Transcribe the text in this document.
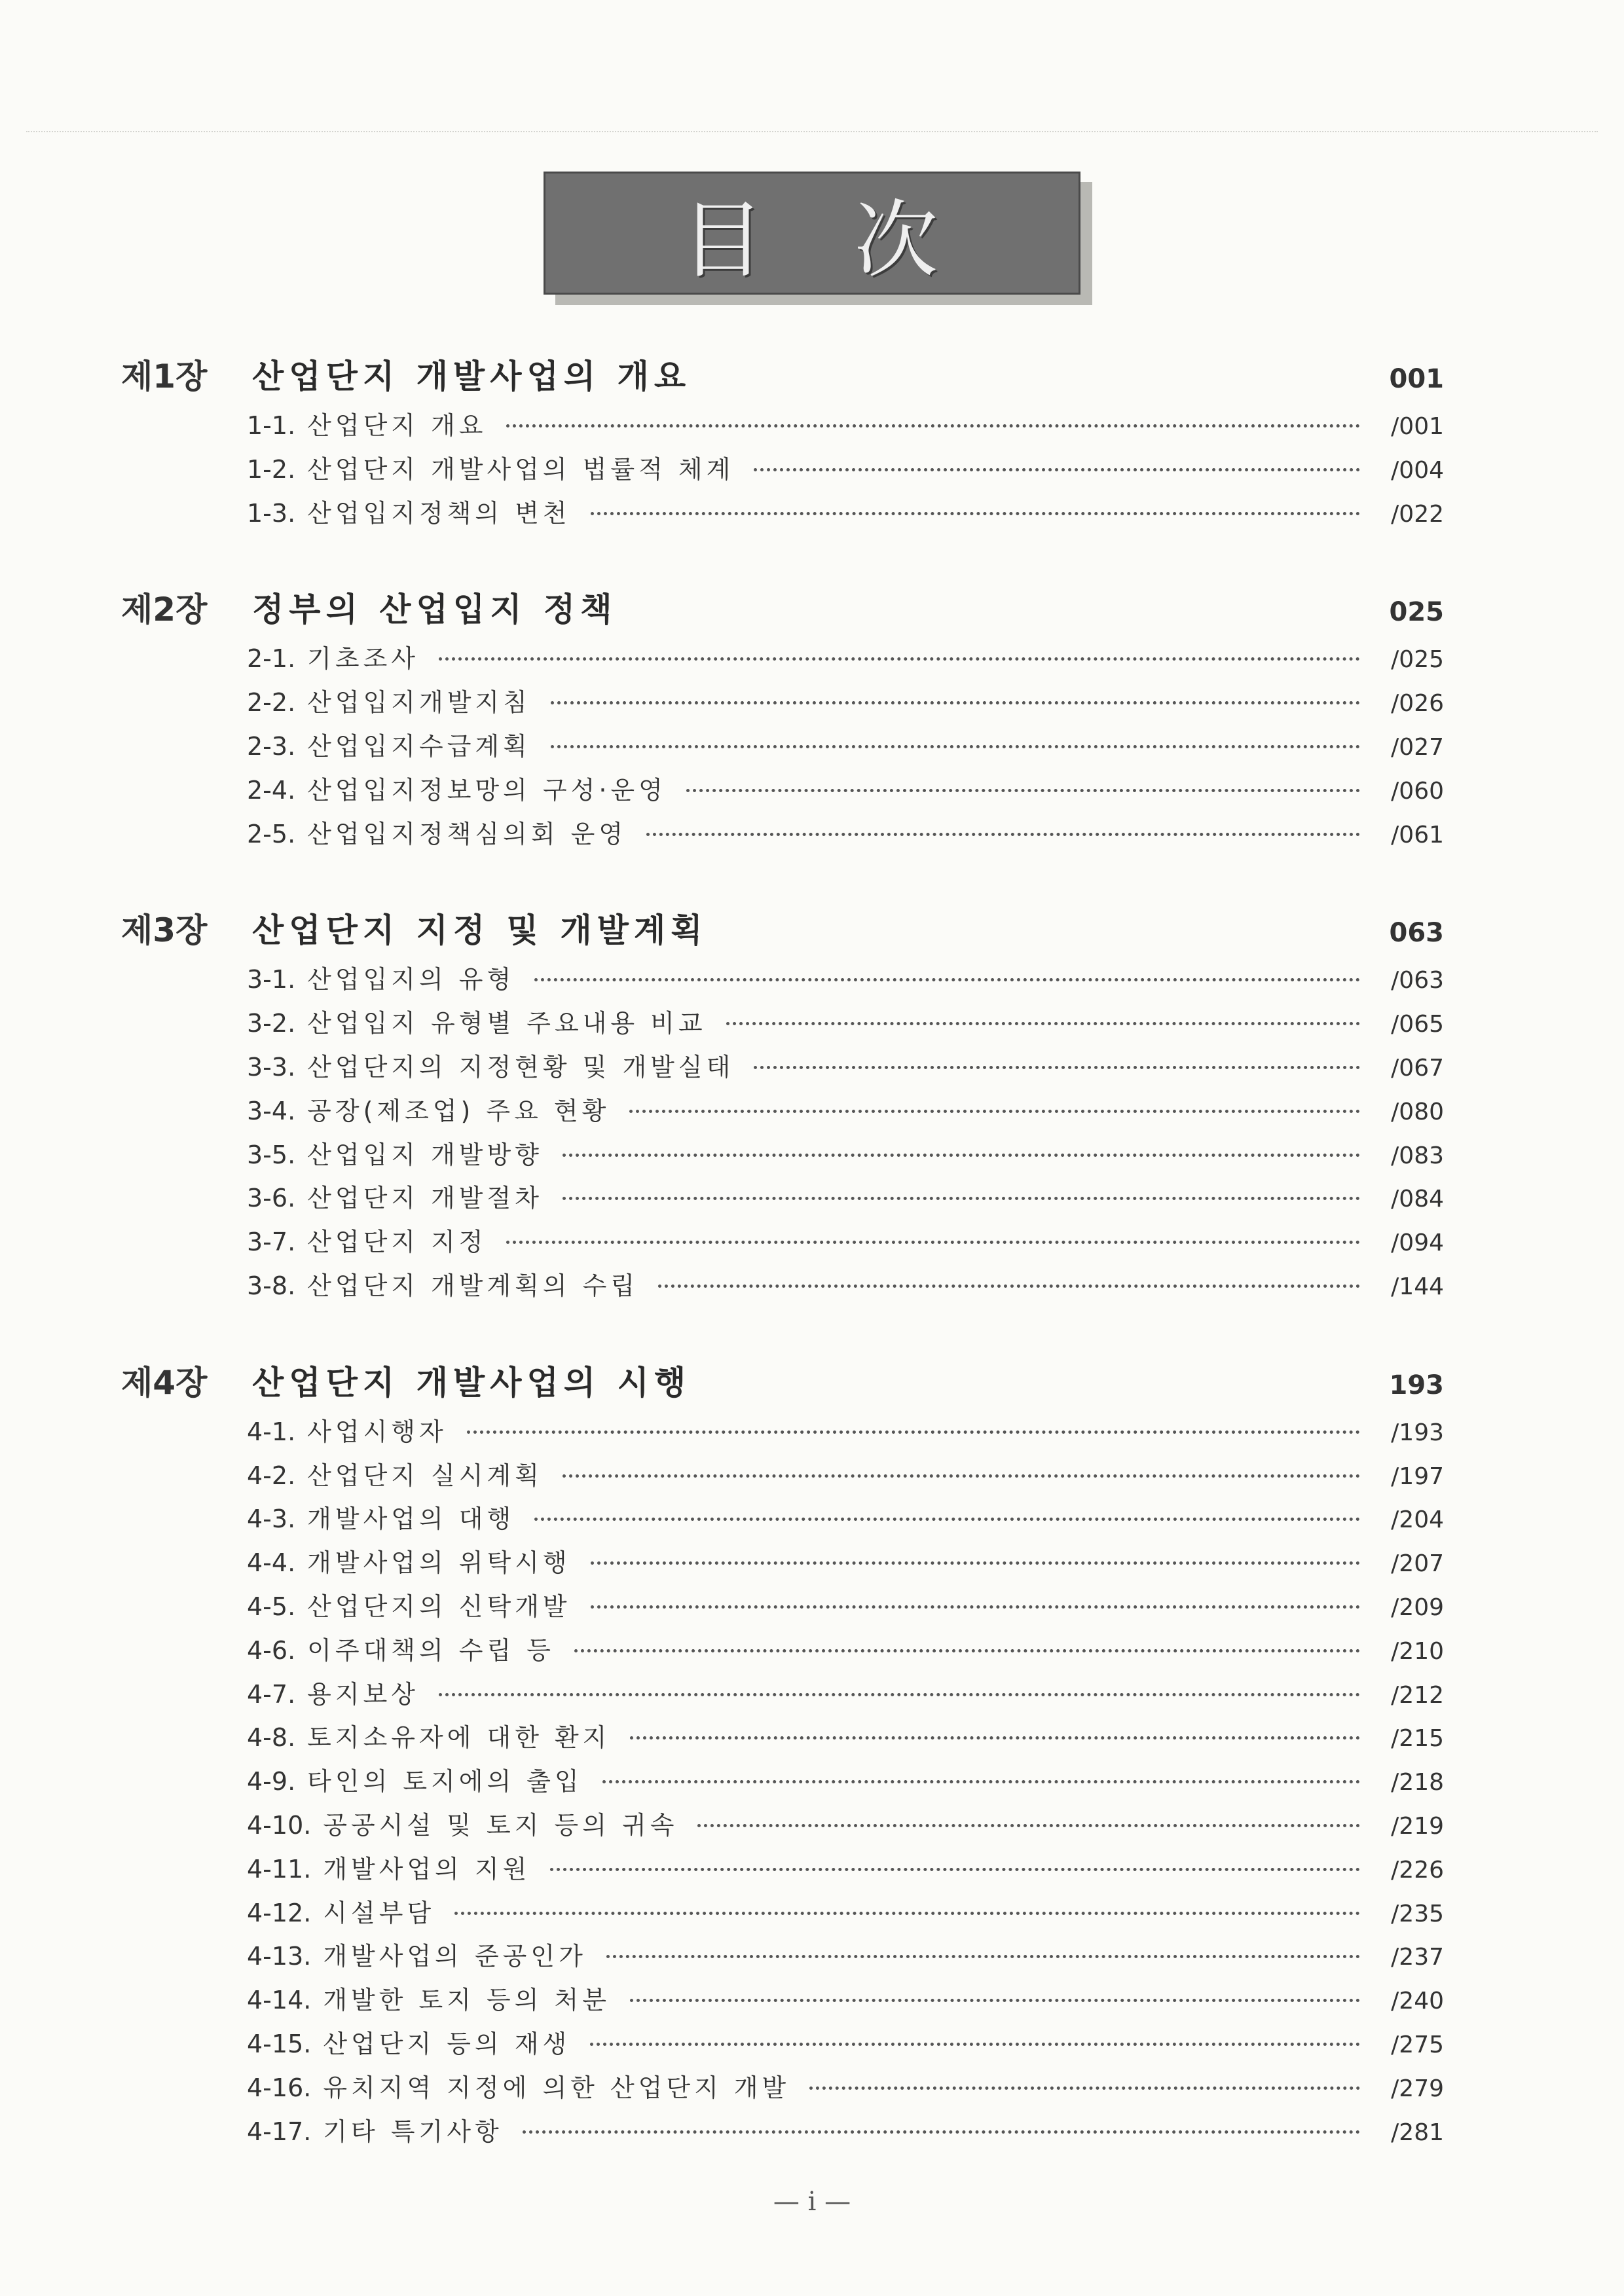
目 次
제1장	산업단지 개발사업의 개요	001
1-1. 산업단지 개요	/001
1-2. 산업단지 개발사업의 법률적 체계	/004
1-3. 산업입지정책의 변천	/022
제2장	정부의 산업입지 정책	025
2-1. 기초조사	/025
2-2. 산업입지개발지침	/026
2-3. 산업입지수급계획	/027
2-4. 산업입지정보망의 구성·운영	/060
2-5. 산업입지정책심의회 운영	/061
제3장	산업단지 지정 및 개발계획	063
3-1. 산업입지의 유형	/063
3-2. 산업입지 유형별 주요내용 비교	/065
3-3. 산업단지의 지정현황 및 개발실태	/067
3-4. 공장(제조업) 주요 현황	/080
3-5. 산업입지 개발방향	/083
3-6. 산업단지 개발절차	/084
3-7. 산업단지 지정	/094
3-8. 산업단지 개발계획의 수립	/144
제4장	산업단지 개발사업의 시행	193
4-1. 사업시행자	/193
4-2. 산업단지 실시계획	/197
4-3. 개발사업의 대행	/204
4-4. 개발사업의 위탁시행	/207
4-5. 산업단지의 신탁개발	/209
4-6. 이주대책의 수립 등	/210
4-7. 용지보상	/212
4-8. 토지소유자에 대한 환지	/215
4-9. 타인의 토지에의 출입	/218
4-10. 공공시설 및 토지 등의 귀속	/219
4-11. 개발사업의 지원	/226
4-12. 시설부담	/235
4-13. 개발사업의 준공인가	/237
4-14. 개발한 토지 등의 처분	/240
4-15. 산업단지 등의 재생	/275
4-16. 유치지역 지정에 의한 산업단지 개발	/279
4-17. 기타 특기사항	/281
— i —
